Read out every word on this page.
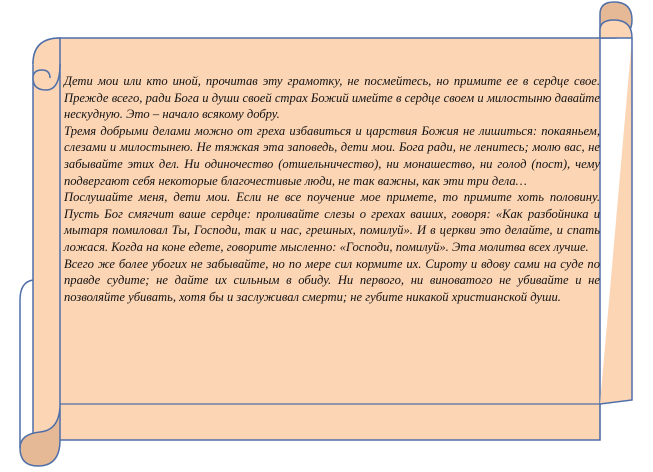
Дети мои или кто иной, прочитав эту грамотку, не посмейтесь, но примите ее в сердце свое. Прежде всего, ради Бога и души своей страх Божий имейте в сердце своем и милостыню давайте нескудную. Это – начало всякому добру.

Тремя добрыми делами можно от греха избавиться и царствия Божия не лишиться: покаяньем, слезами и милостынею. Не тяжкая эта заповедь, дети мои. Бога ради, не ленитесь; молю вас, не забывайте этих дел. Ни одиночество (отшельничество), ни монашество, ни голод (пост), чему подвергают себя некоторые благочестивые люди, не так важны, как эти три дела…

Послушайте меня, дети мои. Если не все поучение мое примете, то примите хоть половину. Пусть Бог смягчит ваше сердце: проливайте слезы о грехах ваших, говоря: «Как разбойника и мытаря помиловал Ты, Господи, так и нас, грешных, помилуй». И в церкви это делайте, и спать ложася. Когда на коне едете, говорите мысленно: «Господи, помилуй». Эта молитва всех лучше.

Всего же более убогих не забывайте, но по мере сил кормите их. Сироту и вдову сами на суде по правде судите; не дайте их сильным в обиду. Ни первого, ни виноватого не убивайте и не позволяйте убивать, хотя бы и заслуживал смерти; не губите никакой христианской души.
